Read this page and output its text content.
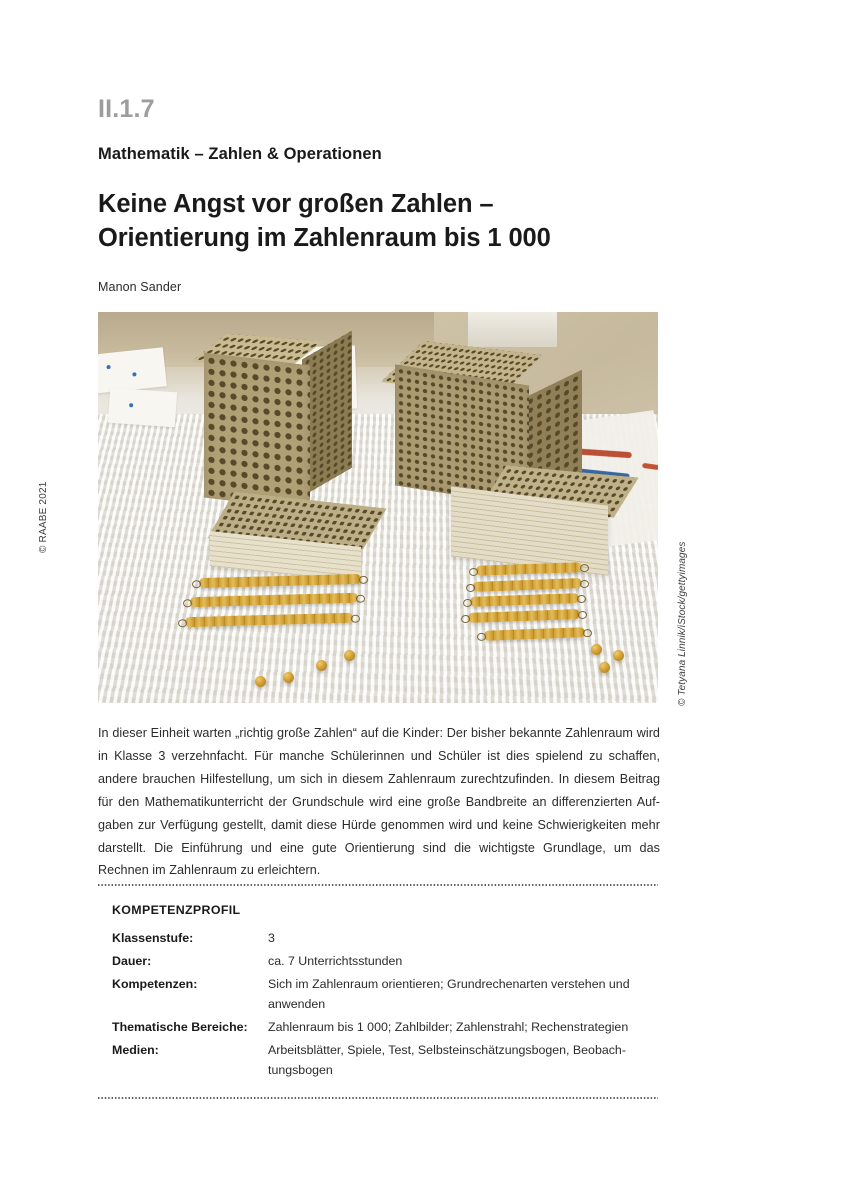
© RAABE 2021
II.1.7
Mathematik – Zahlen & Operationen
Keine Angst vor großen Zahlen –
Orientierung im Zahlenraum bis 1 000
Manon Sander
© Tetyana Linnik/iStock/gettyimages

In dieser Einheit warten „richtig große Zahlen“ auf die Kinder: Der bisher bekannte Zahlenraum wird in Klasse 3 verzehnfacht. Für manche Schülerinnen und Schüler ist dies spielend zu schaffen, andere brauchen Hilfestellung, um sich in diesem Zahlenraum zurechtzufinden. In diesem Beitrag für den Mathematikunterricht der Grundschule wird eine große Bandbreite an differenzierten Aufgaben zur Verfügung gestellt, damit diese Hürde genommen wird und keine Schwierigkeiten mehr darstellt. Die Einführung und eine gute Orientierung sind die wichtigste Grundlage, um das Rechnen im Zahlenraum zu erleichtern.

KOMPETENZPROFIL
Klassenstufe:	3
Dauer:	ca. 7 Unterrichtsstunden
Kompetenzen:	Sich im Zahlenraum orientieren; Grundrechenarten verstehen und anwenden
Thematische Bereiche:	Zahlenraum bis 1 000; Zahlbilder; Zahlenstrahl; Rechenstrategien
Medien:	Arbeitsblätter, Spiele, Test, Selbsteinschätzungsbogen, Beobachtungsbogen
